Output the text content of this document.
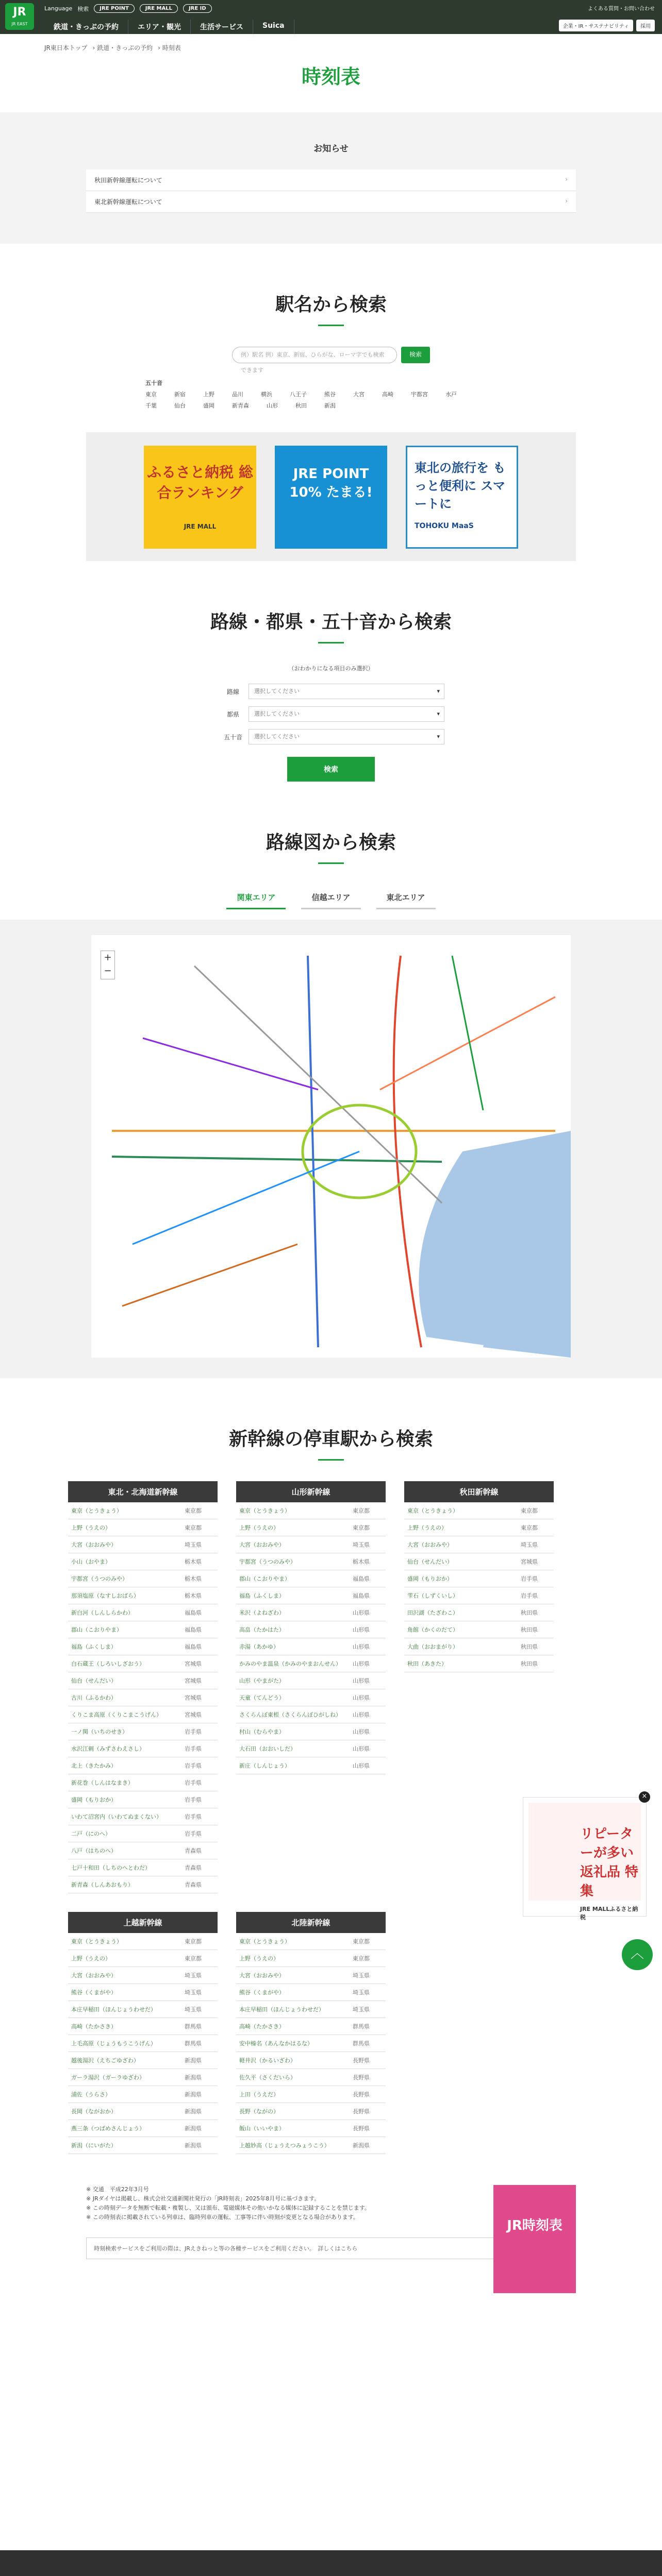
JR
JR EAST
Language 検索	JRE POINT	JRE MALL	JRE ID
鉄道・きっぷの予約	エリア・観光	生活サービス	Suica
よくある質問・お問い合わせ
企業・IR・サステナビリティ	採用
JR東日本トップ › 鉄道・きっぷの予約 › 時刻表
時刻表
お知らせ
秋田新幹線運転について ›
東北新幹線運転について ›
駅名から検索
例）駅名 例）東京、新宿、ひらがな、ローマ字でも検索できます
検索
五十音
東京	新宿	上野	品川	横浜	八王子	熊谷	大宮	高崎	宇都宮	水戸
千葉	仙台	盛岡	新青森	山形	秋田	新潟
ふるさと納税 総合ランキング
JRE MALL
JRE POINT 10% たまる!
東北の旅行を もっと便利に スマートに
TOHOKU MaaS
路線・都県・五十音から検索

（おわかりになる項目のみ選択）

路線	選択してください ▾
都県	選択してください ▾
五十音	選択してください ▾
検索
路線図から検索
関東エリア	信越エリア	東北エリア
+
−
新幹線の停車駅から検索
東北・北海道新幹線
東京（とうきょう）	東京都
上野（うえの）	東京都
大宮（おおみや）	埼玉県
小山（おやま）	栃木県
宇都宮（うつのみや）	栃木県
那須塩原（なすしおばら）	栃木県
新白河（しんしらかわ）	福島県
郡山（こおりやま）	福島県
福島（ふくしま）	福島県
白石蔵王（しろいしざおう）	宮城県
仙台（せんだい）	宮城県
古川（ふるかわ）	宮城県
くりこま高原（くりこまこうげん）	宮城県
一ノ関（いちのせき）	岩手県
水沢江刺（みずさわえさし）	岩手県
北上（きたかみ）	岩手県
新花巻（しんはなまき）	岩手県
盛岡（もりおか）	岩手県
いわて沼宮内（いわてぬまくない）	岩手県
二戸（にのへ）	岩手県
八戸（はちのへ）	青森県
七戸十和田（しちのへとわだ）	青森県
新青森（しんあおもり）	青森県
山形新幹線
東京（とうきょう）	東京都
上野（うえの）	東京都
大宮（おおみや）	埼玉県
宇都宮（うつのみや）	栃木県
郡山（こおりやま）	福島県
福島（ふくしま）	福島県
米沢（よねざわ）	山形県
高畠（たかはた）	山形県
赤湯（あかゆ）	山形県
かみのやま温泉（かみのやまおんせん）	山形県
山形（やまがた）	山形県
天童（てんどう）	山形県
さくらんぼ東根（さくらんぼひがしね）	山形県
村山（むらやま）	山形県
大石田（おおいしだ）	山形県
新庄（しんじょう）	山形県
秋田新幹線
東京（とうきょう）	東京都
上野（うえの）	東京都
大宮（おおみや）	埼玉県
仙台（せんだい）	宮城県
盛岡（もりおか）	岩手県
雫石（しずくいし）	岩手県
田沢湖（たざわこ）	秋田県
角館（かくのだて）	秋田県
大曲（おおまがり）	秋田県
秋田（あきた）	秋田県
上越新幹線
東京（とうきょう）	東京都
上野（うえの）	東京都
大宮（おおみや）	埼玉県
熊谷（くまがや）	埼玉県
本庄早稲田（ほんじょうわせだ）	埼玉県
高崎（たかさき）	群馬県
上毛高原（じょうもうこうげん）	群馬県
越後湯沢（えちごゆざわ）	新潟県
ガーラ湯沢（ガーラゆざわ）	新潟県
浦佐（うらさ）	新潟県
長岡（ながおか）	新潟県
燕三条（つばめさんじょう）	新潟県
新潟（にいがた）	新潟県
北陸新幹線
東京（とうきょう）	東京都
上野（うえの）	東京都
大宮（おおみや）	埼玉県
熊谷（くまがや）	埼玉県
本庄早稲田（ほんじょうわせだ）	埼玉県
高崎（たかさき）	群馬県
安中榛名（あんなかはるな）	群馬県
軽井沢（かるいざわ）	長野県
佐久平（さくだいら）	長野県
上田（うえだ）	長野県
長野（ながの）	長野県
飯山（いいやま）	長野県
上越妙高（じょうえつみょうこう）	新潟県
※ 交通　平成22年3月号
※ JRダイヤは掲載し、株式会社交通新聞社発行の「JR時刻表」2025年8月号に基づきます。
※ この時刻データを無断で転載・複製し、又は頒布、電磁媒体その他いかなる媒体に記録することを禁じます。
※ この時刻表に掲載されている列車は、臨時列車の運転、工事等に伴い時刻が変更となる場合があります。
JR時刻表
時刻検索サービスをご利用の際は、JRえきねっと等の各種サービスをご利用ください。　詳しくはこちら
×
リピーターが多い返礼品 特集
JRE MALLふるさと納税
︿
